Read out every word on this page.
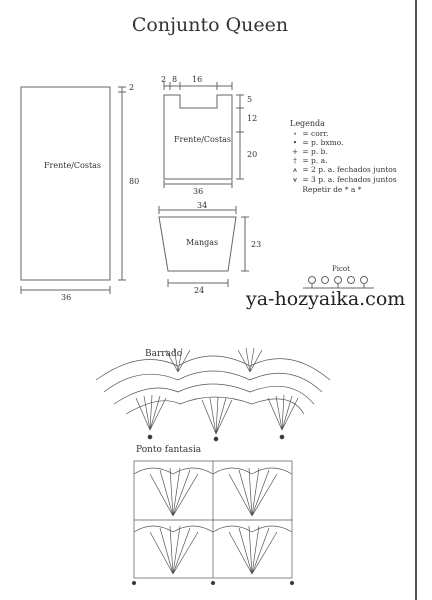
Conjunto Queen
Frente/Costas
36
80
2
Frente/Costas
2 8 16
5
12
20
36
34
Mangas	23
24
Legenda
∘ = corr.
• = p. bxmo.
+ = p. b.
† = p. a.
⩚ = 2 p. a. fechados juntos
⩛ = 3 p. a. fechados juntos
Repetir de * a *
Picot
ya-hozyaika.com
Barrado
Ponto fantasia
